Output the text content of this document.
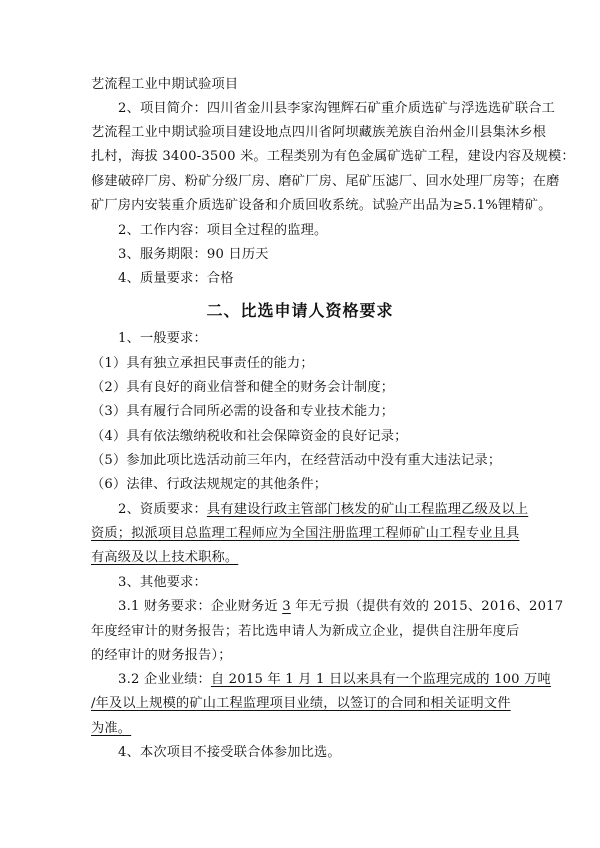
艺流程工业中期试验项目
2、项目简介：四川省金川县李家沟锂辉石矿重介质选矿与浮选选矿联合工
艺流程工业中期试验项目建设地点四川省阿坝藏族羌族自治州金川县集沐乡根
扎村，海拔 3400-3500 米。工程类别为有色金属矿选矿工程，建设内容及规模：
修建破碎厂房、粉矿分级厂房、磨矿厂房、尾矿压滤厂、回水处理厂房等；在磨
矿厂房内安装重介质选矿设备和介质回收系统。试验产出品为≥5.1%锂精矿。
2、工作内容：项目全过程的监理。
3、服务期限：90 日历天
4、质量要求：合格
二、比选申请人资格要求
1、一般要求：
（1）具有独立承担民事责任的能力；
（2）具有良好的商业信誉和健全的财务会计制度；
（3）具有履行合同所必需的设备和专业技术能力；
（4）具有依法缴纳税收和社会保障资金的良好记录；
（5）参加此项比选活动前三年内，在经营活动中没有重大违法记录；
（6）法律、行政法规规定的其他条件；
2、资质要求：具有建设行政主管部门核发的矿山工程监理乙级及以上
资质；拟派项目总监理工程师应为全国注册监理工程师矿山工程专业且具
有高级及以上技术职称。
3、其他要求：
3.1 财务要求：企业财务近 3 年无亏损（提供有效的 2015、2016、2017
年度经审计的财务报告；若比选申请人为新成立企业，提供自注册年度后
的经审计的财务报告）；
3.2 企业业绩：自 2015 年 1 月 1 日以来具有一个监理完成的 100 万吨
/年及以上规模的矿山工程监理项目业绩，以签订的合同和相关证明文件
为准。
4、本次项目不接受联合体参加比选。
